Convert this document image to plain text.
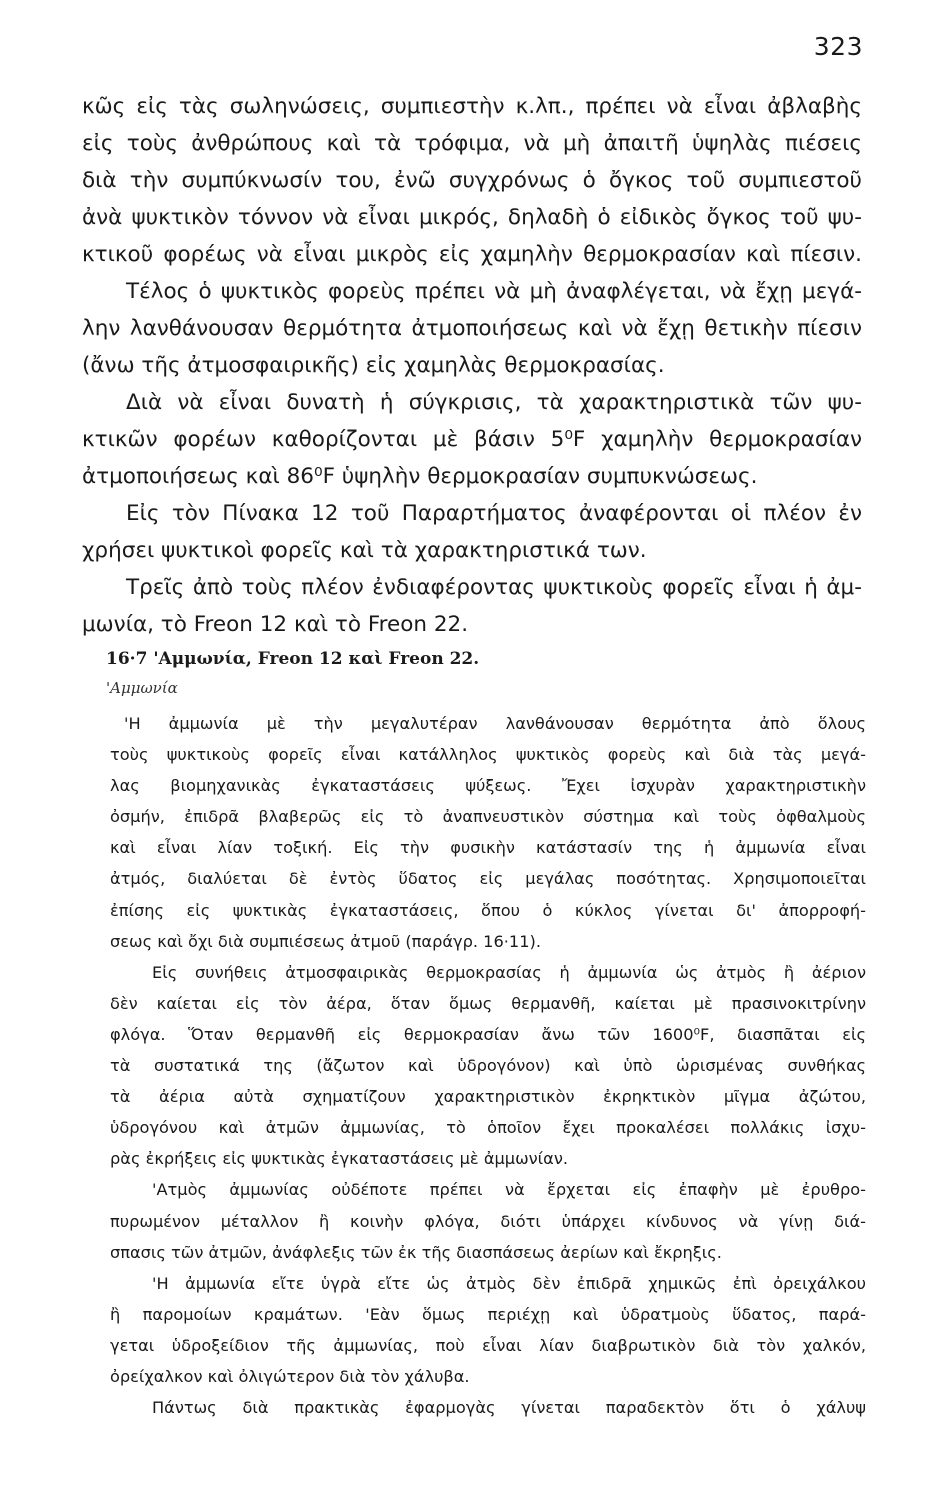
323
κῶς εἰς τὰς σωληνώσεις, συμπιεστὴν κ.λπ., πρέπει νὰ εἶναι ἀβλαβὴς
εἰς τοὺς ἀνθρώπους καὶ τὰ τρόφιμα, νὰ μὴ ἀπαιτῆ ὑψηλὰς πιέσεις
διὰ τὴν συμπύκνωσίν του, ἐνῶ συγχρόνως ὁ ὄγκος τοῦ συμπιεστοῦ
ἀνὰ ψυκτικὸν τόννον νὰ εἶναι μικρός, δηλαδὴ ὁ εἰδικὸς ὄγκος τοῦ ψυ-
κτικοῦ φορέως νὰ εἶναι μικρὸς εἰς χαμηλὴν θερμοκρασίαν καὶ πίεσιν.
Τέλος ὁ ψυκτικὸς φορεὺς πρέπει νὰ μὴ ἀναφλέγεται, νὰ ἔχῃ μεγά-
λην λανθάνουσαν θερμότητα ἀτμοποιήσεως καὶ νὰ ἔχῃ θετικὴν πίεσιν
(ἄνω τῆς ἀτμοσφαιρικῆς) εἰς χαμηλὰς θερμοκρασίας.
Διὰ νὰ εἶναι δυνατὴ ἡ σύγκρισις, τὰ χαρακτηριστικὰ τῶν ψυ-
κτικῶν φορέων καθορίζονται μὲ βάσιν 5⁰F χαμηλὴν θερμοκρασίαν
ἀτμοποιήσεως καὶ 86⁰F ὑψηλὴν θερμοκρασίαν συμπυκνώσεως.
Εἰς τὸν Πίνακα 12 τοῦ Παραρτήματος ἀναφέρονται οἱ πλέον ἐν
χρήσει ψυκτικοὶ φορεῖς καὶ τὰ χαρακτηριστικά των.
Τρεῖς ἀπὸ τοὺς πλέον ἐνδιαφέροντας ψυκτικοὺς φορεῖς εἶναι ἡ ἀμ-
μωνία, τὸ Freon 12 καὶ τὸ Freon 22.
16·7 'Αμμωνία, Freon 12 καὶ Freon 22.
'Αμμωνία
'Η ἀμμωνία μὲ τὴν μεγαλυτέραν λανθάνουσαν θερμότητα ἀπὸ ὅλους
τοὺς ψυκτικοὺς φορεῖς εἶναι κατάλληλος ψυκτικὸς φορεὺς καὶ διὰ τὰς μεγά-
λας βιομηχανικὰς ἐγκαταστάσεις ψύξεως. Ἔχει ἰσχυρὰν χαρακτηριστικὴν
ὀσμήν, ἐπιδρᾶ βλαβερῶς εἰς τὸ ἀναπνευστικὸν σύστημα καὶ τοὺς ὀφθαλμοὺς
καὶ εἶναι λίαν τοξική. Εἰς τὴν φυσικὴν κατάστασίν της ἡ ἀμμωνία εἶναι
ἀτμός, διαλύεται δὲ ἐντὸς ὕδατος εἰς μεγάλας ποσότητας. Χρησιμοποιεῖται
ἐπίσης εἰς ψυκτικὰς ἐγκαταστάσεις, ὅπου ὁ κύκλος γίνεται δι' ἀπορροφή-
σεως καὶ ὄχι διὰ συμπιέσεως ἀτμοῦ (παράγρ. 16·11).
Εἰς συνήθεις ἀτμοσφαιρικὰς θερμοκρασίας ἡ ἀμμωνία ὡς ἀτμὸς ἢ ἀέριον
δὲν καίεται εἰς τὸν ἀέρα, ὅταν ὅμως θερμανθῆ, καίεται μὲ πρασινοκιτρίνην
φλόγα. Ὅταν θερμανθῆ εἰς θερμοκρασίαν ἄνω τῶν 1600⁰F, διασπᾶται εἰς
τὰ συστατικά της (ἄζωτον καὶ ὑδρογόνον) καὶ ὑπὸ ὡρισμένας συνθήκας
τὰ ἀέρια αὐτὰ σχηματίζουν χαρακτηριστικὸν ἐκρηκτικὸν μῖγμα ἀζώτου,
ὑδρογόνου καὶ ἀτμῶν ἀμμωνίας, τὸ ὁποῖον ἔχει προκαλέσει πολλάκις ἰσχυ-
ρὰς ἐκρήξεις εἰς ψυκτικὰς ἐγκαταστάσεις μὲ ἀμμωνίαν.
'Ατμὸς ἀμμωνίας οὐδέποτε πρέπει νὰ ἔρχεται εἰς ἐπαφὴν μὲ ἐρυθρο-
πυρωμένον μέταλλον ἢ κοινὴν φλόγα, διότι ὑπάρχει κίνδυνος νὰ γίνῃ διά-
σπασις τῶν ἀτμῶν, ἀνάφλεξις τῶν ἐκ τῆς διασπάσεως ἀερίων καὶ ἔκρηξις.
'Η ἀμμωνία εἴτε ὑγρὰ εἴτε ὡς ἀτμὸς δὲν ἐπιδρᾶ χημικῶς ἐπὶ ὀρειχάλκου
ἢ παρομοίων κραμάτων. 'Εὰν ὅμως περιέχῃ καὶ ὑδρατμοὺς ὕδατος, παρά-
γεται ὑδροξείδιον τῆς ἀμμωνίας, ποὺ εἶναι λίαν διαβρωτικὸν διὰ τὸν χαλκόν,
ὀρείχαλκον καὶ ὀλιγώτερον διὰ τὸν χάλυβα.
Πάντως διὰ πρακτικὰς ἐφαρμογὰς γίνεται παραδεκτὸν ὅτι ὁ χάλυψ
